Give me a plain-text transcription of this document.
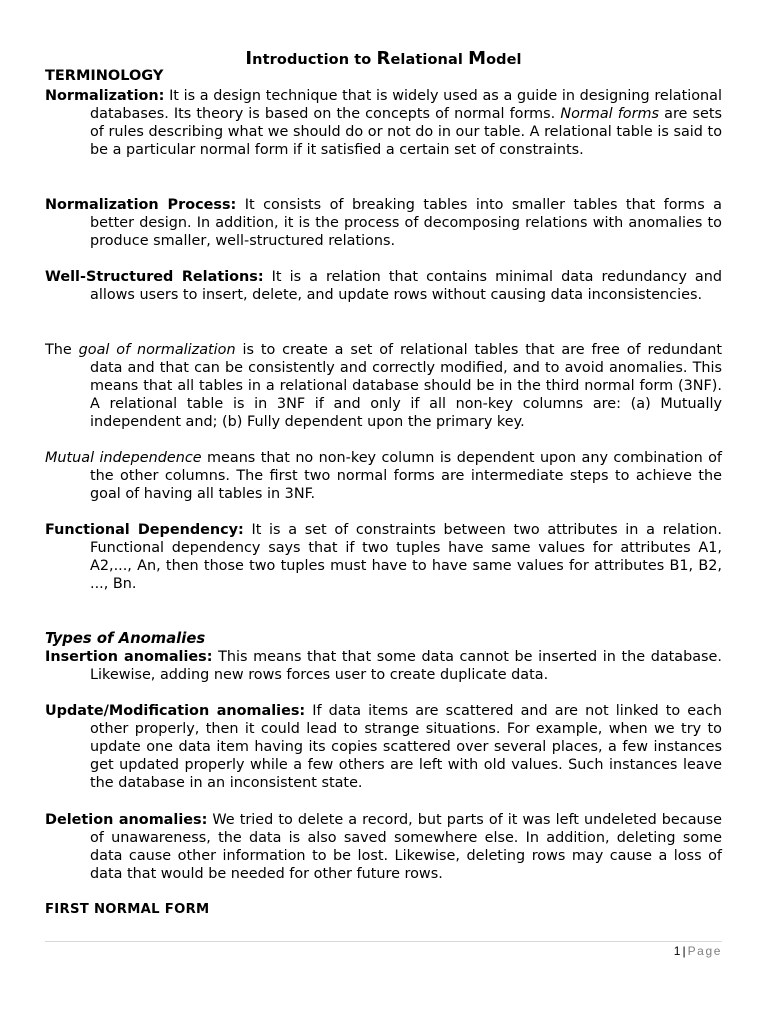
Introduction to Relational Model
TERMINOLOGY
Normalization: It is a design technique that is widely used as a guide in designing relational databases. Its theory is based on the concepts of normal forms. Normal forms are sets of rules describing what we should do or not do in our table. A relational table is said to be a particular normal form if it satisfied a certain set of constraints.
Normalization Process: It consists of breaking tables into smaller tables that forms a better design. In addition, it is the process of decomposing relations with anomalies to produce smaller, well-structured relations.
Well-Structured Relations: It is a relation that contains minimal data redundancy and allows users to insert, delete, and update rows without causing data inconsistencies.
The goal of normalization is to create a set of relational tables that are free of redundant data and that can be consistently and correctly modified, and to avoid anomalies. This means that all tables in a relational database should be in the third normal form (3NF). A relational table is in 3NF if and only if all non-key columns are: (a) Mutually independent and; (b) Fully dependent upon the primary key.
Mutual independence means that no non-key column is dependent upon any combination of the other columns. The first two normal forms are intermediate steps to achieve the goal of having all tables in 3NF.
Functional Dependency: It is a set of constraints between two attributes in a relation. Functional dependency says that if two tuples have same values for attributes A1, A2,..., An, then those two tuples must have to have same values for attributes B1, B2, ..., Bn.
Types of Anomalies
Insertion anomalies: This means that that some data cannot be inserted in the database. Likewise, adding new rows forces user to create duplicate data.
Update/Modification anomalies: If data items are scattered and are not linked to each other properly, then it could lead to strange situations. For example, when we try to update one data item having its copies scattered over several places, a few instances get updated properly while a few others are left with old values. Such instances leave the database in an inconsistent state.
Deletion anomalies: We tried to delete a record, but parts of it was left undeleted because of unawareness, the data is also saved somewhere else. In addition, deleting some data cause other information to be lost. Likewise, deleting rows may cause a loss of data that would be needed for other future rows.
FIRST NORMAL FORM
1 | Page
